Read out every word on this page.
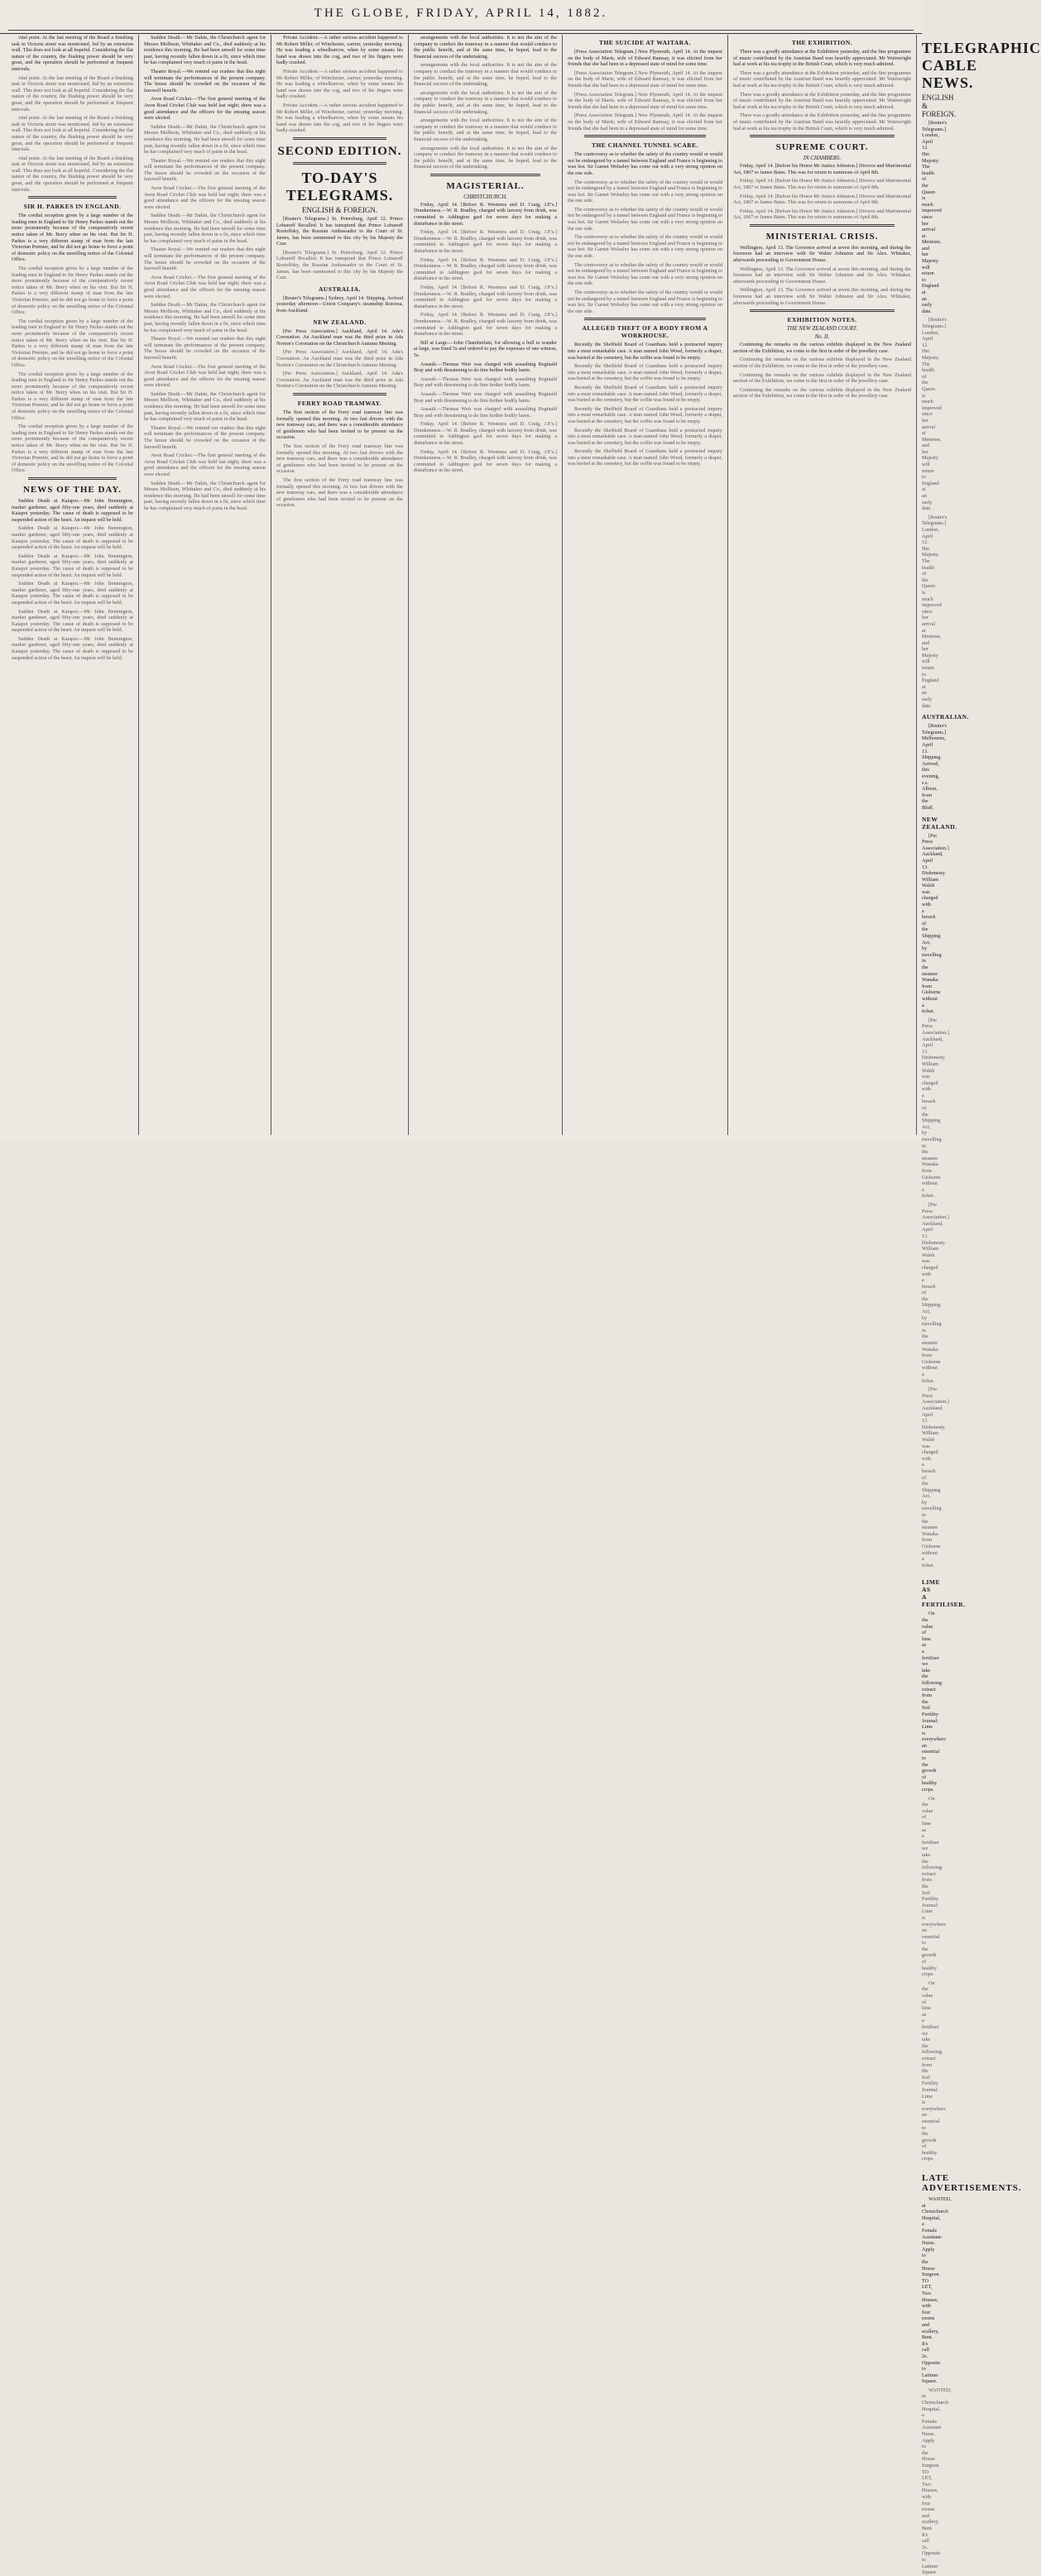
THE GLOBE, FRIDAY, APRIL 14, 1882.

vital point. At the last meeting of the Board a finishing task in Victoria street was mentioned, fed by an extension wall. This does not look at all hopeful. Considering the flat nature of the country, the flushing power should be very great, and the operation should be performed at frequent intervals.

vital point. At the last meeting of the Board a finishing task in Victoria street was mentioned, fed by an extension wall. This does not look at all hopeful. Considering the flat nature of the country, the flushing power should be very great, and the operation should be performed at frequent intervals.

vital point. At the last meeting of the Board a finishing task in Victoria street was mentioned, fed by an extension wall. This does not look at all hopeful. Considering the flat nature of the country, the flushing power should be very great, and the operation should be performed at frequent intervals.

vital point. At the last meeting of the Board a finishing task in Victoria street was mentioned, fed by an extension wall. This does not look at all hopeful. Considering the flat nature of the country, the flushing power should be very great, and the operation should be performed at frequent intervals.

SIR H. PARKES IN ENGLAND.

The cordial reception given by a large number of the leading men in England to Sir Henry Parkes stands out the more prominently because of the comparatively recent notice taken of Mr. Berry when on his visit. But Sir H. Parkes is a very different stamp of man from the late Victorian Premier, and he did not go home to force a point of domestic policy on the unwilling notice of the Colonial Office.

The cordial reception given by a large number of the leading men in England to Sir Henry Parkes stands out the more prominently because of the comparatively recent notice taken of Mr. Berry when on his visit. But Sir H. Parkes is a very different stamp of man from the late Victorian Premier, and he did not go home to force a point of domestic policy on the unwilling notice of the Colonial Office.

The cordial reception given by a large number of the leading men in England to Sir Henry Parkes stands out the more prominently because of the comparatively recent notice taken of Mr. Berry when on his visit. But Sir H. Parkes is a very different stamp of man from the late Victorian Premier, and he did not go home to force a point of domestic policy on the unwilling notice of the Colonial Office.

The cordial reception given by a large number of the leading men in England to Sir Henry Parkes stands out the more prominently because of the comparatively recent notice taken of Mr. Berry when on his visit. But Sir H. Parkes is a very different stamp of man from the late Victorian Premier, and he did not go home to force a point of domestic policy on the unwilling notice of the Colonial Office.

The cordial reception given by a large number of the leading men in England to Sir Henry Parkes stands out the more prominently because of the comparatively recent notice taken of Mr. Berry when on his visit. But Sir H. Parkes is a very different stamp of man from the late Victorian Premier, and he did not go home to force a point of domestic policy on the unwilling notice of the Colonial Office.

NEWS OF THE DAY.

Sudden Death at Kaiapoi.—Mr John Bennington, market gardener, aged fifty-one years, died suddenly at Kaiapoi yesterday. The cause of death is supposed to be suspended action of the heart. An inquest will be held.

Sudden Death at Kaiapoi.—Mr John Bennington, market gardener, aged fifty-one years, died suddenly at Kaiapoi yesterday. The cause of death is supposed to be suspended action of the heart. An inquest will be held.

Sudden Death at Kaiapoi.—Mr John Bennington, market gardener, aged fifty-one years, died suddenly at Kaiapoi yesterday. The cause of death is supposed to be suspended action of the heart. An inquest will be held.

Sudden Death at Kaiapoi.—Mr John Bennington, market gardener, aged fifty-one years, died suddenly at Kaiapoi yesterday. The cause of death is supposed to be suspended action of the heart. An inquest will be held.

Sudden Death at Kaiapoi.—Mr John Bennington, market gardener, aged fifty-one years, died suddenly at Kaiapoi yesterday. The cause of death is supposed to be suspended action of the heart. An inquest will be held.

Sudden Death at Kaiapoi.—Mr John Bennington, market gardener, aged fifty-one years, died suddenly at Kaiapoi yesterday. The cause of death is supposed to be suspended action of the heart. An inquest will be held.

Sudden Death.—Mr Dakin, the Christchurch agent for Messrs Mollison, Whittaker and Co., died suddenly at his residence this morning. He had been unwell for some time past, having recently fallen down in a fit, since which time he has complained very much of pains in the head.

Theatre Royal.—We remind our readers that this night will terminate the performances of the present company. The house should be crowded on the occasion of the farewell benefit.

Avon Road Cricket.—The first general meeting of the Avon Road Cricket Club was held last night; there was a good attendance and the officers for the ensuing season were elected.

Sudden Death.—Mr Dakin, the Christchurch agent for Messrs Mollison, Whittaker and Co., died suddenly at his residence this morning. He had been unwell for some time past, having recently fallen down in a fit, since which time he has complained very much of pains in the head.

Theatre Royal.—We remind our readers that this night will terminate the performances of the present company. The house should be crowded on the occasion of the farewell benefit.

Avon Road Cricket.—The first general meeting of the Avon Road Cricket Club was held last night; there was a good attendance and the officers for the ensuing season were elected.

Sudden Death.—Mr Dakin, the Christchurch agent for Messrs Mollison, Whittaker and Co., died suddenly at his residence this morning. He had been unwell for some time past, having recently fallen down in a fit, since which time he has complained very much of pains in the head.

Theatre Royal.—We remind our readers that this night will terminate the performances of the present company. The house should be crowded on the occasion of the farewell benefit.

Avon Road Cricket.—The first general meeting of the Avon Road Cricket Club was held last night; there was a good attendance and the officers for the ensuing season were elected.

Sudden Death.—Mr Dakin, the Christchurch agent for Messrs Mollison, Whittaker and Co., died suddenly at his residence this morning. He had been unwell for some time past, having recently fallen down in a fit, since which time he has complained very much of pains in the head.

Theatre Royal.—We remind our readers that this night will terminate the performances of the present company. The house should be crowded on the occasion of the farewell benefit.

Avon Road Cricket.—The first general meeting of the Avon Road Cricket Club was held last night; there was a good attendance and the officers for the ensuing season were elected.

Sudden Death.—Mr Dakin, the Christchurch agent for Messrs Mollison, Whittaker and Co., died suddenly at his residence this morning. He had been unwell for some time past, having recently fallen down in a fit, since which time he has complained very much of pains in the head.

Theatre Royal.—We remind our readers that this night will terminate the performances of the present company. The house should be crowded on the occasion of the farewell benefit.

Avon Road Cricket.—The first general meeting of the Avon Road Cricket Club was held last night; there was a good attendance and the officers for the ensuing season were elected.

Sudden Death.—Mr Dakin, the Christchurch agent for Messrs Mollison, Whittaker and Co., died suddenly at his residence this morning. He had been unwell for some time past, having recently fallen down in a fit, since which time he has complained very much of pains in the head.

Private Accident.—A rather serious accident happened to Mr Robert Miller, of Winchester, carrier, yesterday morning. He was leading a wheelbarrow, when by some means his hand was drawn into the cog, and two of his fingers were badly crushed.

Private Accident.—A rather serious accident happened to Mr Robert Miller, of Winchester, carrier, yesterday morning. He was leading a wheelbarrow, when by some means his hand was drawn into the cog, and two of his fingers were badly crushed.

Private Accident.—A rather serious accident happened to Mr Robert Miller, of Winchester, carrier, yesterday morning. He was leading a wheelbarrow, when by some means his hand was drawn into the cog, and two of his fingers were badly crushed.

SECOND EDITION.
TO-DAY'S TELEGRAMS.
ENGLISH & FOREIGN.

[Reuter's Telegrams.] St. Petersburg, April 12. Prince Lobanoff Recalled. It has transpired that Prince Lobanoff Rostoffsky, the Russian Ambassador to the Court of St. James, has been summoned to this city by his Majesty the Czar.

[Reuter's Telegrams.] St. Petersburg, April 12. Prince Lobanoff Recalled. It has transpired that Prince Lobanoff Rostoffsky, the Russian Ambassador to the Court of St. James, has been summoned to this city by his Majesty the Czar.

AUSTRALIA.

[Reuter's Telegrams.] Sydney, April 14. Shipping. Arrived yesterday afternoon—Union Company's steamship Rotorua, from Auckland.

NEW ZEALAND.

[Per Press Association.] Auckland, April 14. Ada's Coronation. An Auckland man was the third prize in Ada Norton's Coronation on the Christchurch Autumn Meeting.

[Per Press Association.] Auckland, April 14. Ada's Coronation. An Auckland man was the third prize in Ada Norton's Coronation on the Christchurch Autumn Meeting.

[Per Press Association.] Auckland, April 14. Ada's Coronation. An Auckland man was the third prize in Ada Norton's Coronation on the Christchurch Autumn Meeting.

FERRY ROAD TRAMWAY.

The first section of the Ferry road tramway line was formally opened this morning. At two fast drivers with the new tramway cars, and there was a considerable attendance of gentlemen who had been invited to be present on the occasion.

The first section of the Ferry road tramway line was formally opened this morning. At two fast drivers with the new tramway cars, and there was a considerable attendance of gentlemen who had been invited to be present on the occasion.

The first section of the Ferry road tramway line was formally opened this morning. At two fast drivers with the new tramway cars, and there was a considerable attendance of gentlemen who had been invited to be present on the occasion.

arrangements with the local authorities. It is not the aim of the company to conduct the tramway in a manner that would conduce to the public benefit, and at the same time, he hoped, lead to the financial success of the undertaking.

arrangements with the local authorities. It is not the aim of the company to conduct the tramway in a manner that would conduce to the public benefit, and at the same time, he hoped, lead to the financial success of the undertaking.

arrangements with the local authorities. It is not the aim of the company to conduct the tramway in a manner that would conduce to the public benefit, and at the same time, he hoped, lead to the financial success of the undertaking.

arrangements with the local authorities. It is not the aim of the company to conduct the tramway in a manner that would conduce to the public benefit, and at the same time, he hoped, lead to the financial success of the undertaking.

arrangements with the local authorities. It is not the aim of the company to conduct the tramway in a manner that would conduce to the public benefit, and at the same time, he hoped, lead to the financial success of the undertaking.

MAGISTERIAL.
CHRISTCHURCH.

Friday, April 14. [Before R. Westenra and D. Craig, J.P.'s.] Drunkenness.—W. R. Bradley, charged with larceny from drink, was committed to Addington gaol for seven days for making a disturbance in the street.

Friday, April 14. [Before R. Westenra and D. Craig, J.P.'s.] Drunkenness.—W. R. Bradley, charged with larceny from drink, was committed to Addington gaol for seven days for making a disturbance in the street.

Friday, April 14. [Before R. Westenra and D. Craig, J.P.'s.] Drunkenness.—W. R. Bradley, charged with larceny from drink, was committed to Addington gaol for seven days for making a disturbance in the street.

Friday, April 14. [Before R. Westenra and D. Craig, J.P.'s.] Drunkenness.—W. R. Bradley, charged with larceny from drink, was committed to Addington gaol for seven days for making a disturbance in the street.

Friday, April 14. [Before R. Westenra and D. Craig, J.P.'s.] Drunkenness.—W. R. Bradley, charged with larceny from drink, was committed to Addington gaol for seven days for making a disturbance in the street.

Bill at Large.—John Chamberlain, for allowing a bull to wander at large, was fined 5s and ordered to pay the expenses of one witness, 5s.

Assault.—Thomas Weir was charged with assaulting Reginald Bray and with threatening to do him further bodily harm.

Assault.—Thomas Weir was charged with assaulting Reginald Bray and with threatening to do him further bodily harm.

Assault.—Thomas Weir was charged with assaulting Reginald Bray and with threatening to do him further bodily harm.

Assault.—Thomas Weir was charged with assaulting Reginald Bray and with threatening to do him further bodily harm.

Friday, April 14. [Before R. Westenra and D. Craig, J.P.'s.] Drunkenness.—W. R. Bradley, charged with larceny from drink, was committed to Addington gaol for seven days for making a disturbance in the street.

Friday, April 14. [Before R. Westenra and D. Craig, J.P.'s.] Drunkenness.—W. R. Bradley, charged with larceny from drink, was committed to Addington gaol for seven days for making a disturbance in the street.

THE SUICIDE AT WAITARA.

[Press Association Telegram.] New Plymouth, April 14. At the inquest on the body of Marie, wife of Edward Ramsay, it was elicited from her friends that she had been in a depressed state of mind for some time.

[Press Association Telegram.] New Plymouth, April 14. At the inquest on the body of Marie, wife of Edward Ramsay, it was elicited from her friends that she had been in a depressed state of mind for some time.

[Press Association Telegram.] New Plymouth, April 14. At the inquest on the body of Marie, wife of Edward Ramsay, it was elicited from her friends that she had been in a depressed state of mind for some time.

[Press Association Telegram.] New Plymouth, April 14. At the inquest on the body of Marie, wife of Edward Ramsay, it was elicited from her friends that she had been in a depressed state of mind for some time.

THE CHANNEL TUNNEL SCARE.

The controversy as to whether the safety of the country would or would not be endangered by a tunnel between England and France is beginning to wax hot. Sir Garnet Wolseley has come out with a very strong opinion on the one side.

The controversy as to whether the safety of the country would or would not be endangered by a tunnel between England and France is beginning to wax hot. Sir Garnet Wolseley has come out with a very strong opinion on the one side.

The controversy as to whether the safety of the country would or would not be endangered by a tunnel between England and France is beginning to wax hot. Sir Garnet Wolseley has come out with a very strong opinion on the one side.

The controversy as to whether the safety of the country would or would not be endangered by a tunnel between England and France is beginning to wax hot. Sir Garnet Wolseley has come out with a very strong opinion on the one side.

The controversy as to whether the safety of the country would or would not be endangered by a tunnel between England and France is beginning to wax hot. Sir Garnet Wolseley has come out with a very strong opinion on the one side.

The controversy as to whether the safety of the country would or would not be endangered by a tunnel between England and France is beginning to wax hot. Sir Garnet Wolseley has come out with a very strong opinion on the one side.

ALLEGED THEFT OF A BODY FROM A WORKHOUSE.

Recently the Sheffield Board of Guardians held a protracted inquiry into a most remarkable case. A man named John Wood, formerly a draper, was buried at the cemetery, but the coffin was found to be empty.

Recently the Sheffield Board of Guardians held a protracted inquiry into a most remarkable case. A man named John Wood, formerly a draper, was buried at the cemetery, but the coffin was found to be empty.

Recently the Sheffield Board of Guardians held a protracted inquiry into a most remarkable case. A man named John Wood, formerly a draper, was buried at the cemetery, but the coffin was found to be empty.

Recently the Sheffield Board of Guardians held a protracted inquiry into a most remarkable case. A man named John Wood, formerly a draper, was buried at the cemetery, but the coffin was found to be empty.

Recently the Sheffield Board of Guardians held a protracted inquiry into a most remarkable case. A man named John Wood, formerly a draper, was buried at the cemetery, but the coffin was found to be empty.

Recently the Sheffield Board of Guardians held a protracted inquiry into a most remarkable case. A man named John Wood, formerly a draper, was buried at the cemetery, but the coffin was found to be empty.

THE EXHIBITION.

There was a goodly attendance at the Exhibition yesterday, and the fine programme of music contributed by the Austrian Band was heartily appreciated. Mr Wainwright had at work at his tea trophy in the British Court, which is very much admired.

There was a goodly attendance at the Exhibition yesterday, and the fine programme of music contributed by the Austrian Band was heartily appreciated. Mr Wainwright had at work at his tea trophy in the British Court, which is very much admired.

There was a goodly attendance at the Exhibition yesterday, and the fine programme of music contributed by the Austrian Band was heartily appreciated. Mr Wainwright had at work at his tea trophy in the British Court, which is very much admired.

There was a goodly attendance at the Exhibition yesterday, and the fine programme of music contributed by the Austrian Band was heartily appreciated. Mr Wainwright had at work at his tea trophy in the British Court, which is very much admired.

SUPREME COURT.
IN CHAMBERS.

Friday, April 14. [Before his Honor Mr Justice Johnston.] Divorce and Matrimonial Act, 1867 re James Bates. This was for return to summons of April 8th.

Friday, April 14. [Before his Honor Mr Justice Johnston.] Divorce and Matrimonial Act, 1867 re James Bates. This was for return to summons of April 8th.

Friday, April 14. [Before his Honor Mr Justice Johnston.] Divorce and Matrimonial Act, 1867 re James Bates. This was for return to summons of April 8th.

Friday, April 14. [Before his Honor Mr Justice Johnston.] Divorce and Matrimonial Act, 1867 re James Bates. This was for return to summons of April 8th.

MINISTERIAL CRISIS.

Wellington, April 13. The Governor arrived at seven this morning, and during the forenoon had an interview with Sir Walter Johnston and Sir Alex. Whitaker, afterwards proceeding to Government House.

Wellington, April 13. The Governor arrived at seven this morning, and during the forenoon had an interview with Sir Walter Johnston and Sir Alex. Whitaker, afterwards proceeding to Government House.

Wellington, April 13. The Governor arrived at seven this morning, and during the forenoon had an interview with Sir Walter Johnston and Sir Alex. Whitaker, afterwards proceeding to Government House.

EXHIBITION NOTES.
THE NEW ZEALAND COURT.
No. II.

Continuing the remarks on the various exhibits displayed in the New Zealand section of the Exhibition, we come to the first in order of the jewellery case.

Continuing the remarks on the various exhibits displayed in the New Zealand section of the Exhibition, we come to the first in order of the jewellery case.

Continuing the remarks on the various exhibits displayed in the New Zealand section of the Exhibition, we come to the first in order of the jewellery case.

Continuing the remarks on the various exhibits displayed in the New Zealand section of the Exhibition, we come to the first in order of the jewellery case.

TELEGRAPHIC CABLE NEWS.
ENGLISH & FOREIGN.

[Reuter's Telegrams.] London, April 12. Her Majesty. The health of the Queen is much improved since her arrival at Mentone, and her Majesty will return to England at an early date.

[Reuter's Telegrams.] London, April 12. Her Majesty. The health of the Queen is much improved since her arrival at Mentone, and her Majesty will return to England at an early date.

[Reuter's Telegrams.] London, April 12. Her Majesty. The health of the Queen is much improved since her arrival at Mentone, and her Majesty will return to England at an early date.

AUSTRALIAN.

[Reuter's Telegrams.] Melbourne, April 13. Shipping. Arrived, this evening, s.s. Albion, from the Bluff.

NEW ZEALAND.

[Per Press Association.] Auckland, April 13. Dishonesty. William Walsh was charged with a breach of the Shipping Act, by travelling in the steamer Wanaka from Gisborne without a ticket.

[Per Press Association.] Auckland, April 13. Dishonesty. William Walsh was charged with a breach of the Shipping Act, by travelling in the steamer Wanaka from Gisborne without a ticket.

[Per Press Association.] Auckland, April 13. Dishonesty. William Walsh was charged with a breach of the Shipping Act, by travelling in the steamer Wanaka from Gisborne without a ticket.

[Per Press Association.] Auckland, April 13. Dishonesty. William Walsh was charged with a breach of the Shipping Act, by travelling in the steamer Wanaka from Gisborne without a ticket.

LIME AS A FERTILISER.

On the value of lime as a fertiliser we take the following extract from the Soil Fertility Journal: Lime is everywhere an essential to the growth of healthy crops.

On the value of lime as a fertiliser we take the following extract from the Soil Fertility Journal: Lime is everywhere an essential to the growth of healthy crops.

On the value of lime as a fertiliser we take the following extract from the Soil Fertility Journal: Lime is everywhere an essential to the growth of healthy crops.

LATE ADVERTISEMENTS.

WANTED, at Christchurch Hospital, a Female Assistant-Nurse. Apply to the House Surgeon. TO LET, Two Houses, with four rooms and scullery, Bent. It's call 2s. Opposite to Latimer Square.

WANTED, at Christchurch Hospital, a Female Assistant-Nurse. Apply to the House Surgeon. TO LET, Two Houses, with four rooms and scullery, Bent. It's call 2s. Opposite to Latimer Square.
